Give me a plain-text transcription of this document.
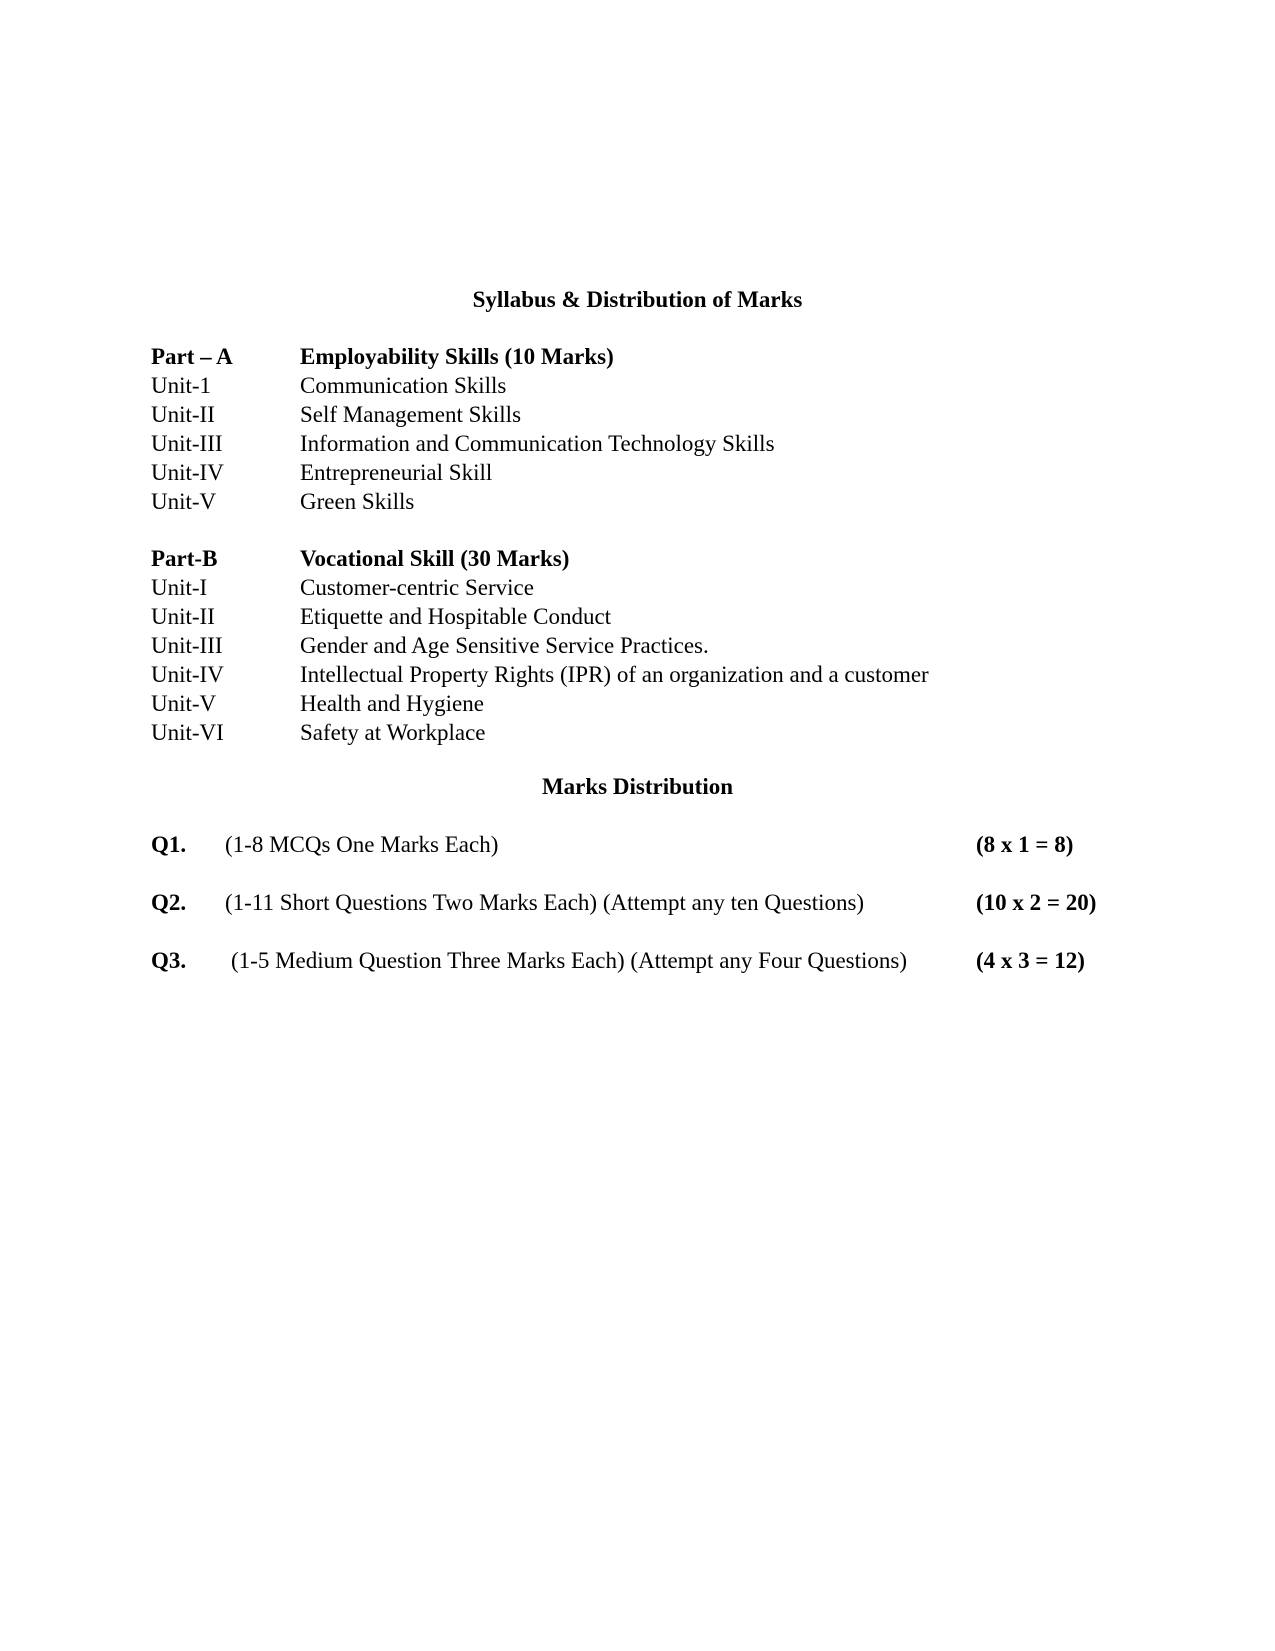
Syllabus & Distribution of Marks
Part – A	Employability Skills (10 Marks)
Unit-1	Communication Skills
Unit-II	Self Management Skills
Unit-III	Information and Communication Technology Skills
Unit-IV	Entrepreneurial Skill
Unit-V	Green Skills
Part-B	Vocational Skill (30 Marks)
Unit-I	Customer-centric Service
Unit-II	Etiquette and Hospitable Conduct
Unit-III	Gender and Age Sensitive Service Practices.
Unit-IV	Intellectual Property Rights (IPR) of an organization and a customer
Unit-V	Health and Hygiene
Unit-VI	Safety at Workplace
Marks Distribution
Q1. (1-8 MCQs One Marks Each)	(8 x 1 = 8)
Q2. (1-11 Short Questions Two Marks Each) (Attempt any ten Questions)	(10 x 2 = 20)
Q3. (1-5 Medium Question Three Marks Each) (Attempt any Four Questions)	(4 x 3 = 12)
